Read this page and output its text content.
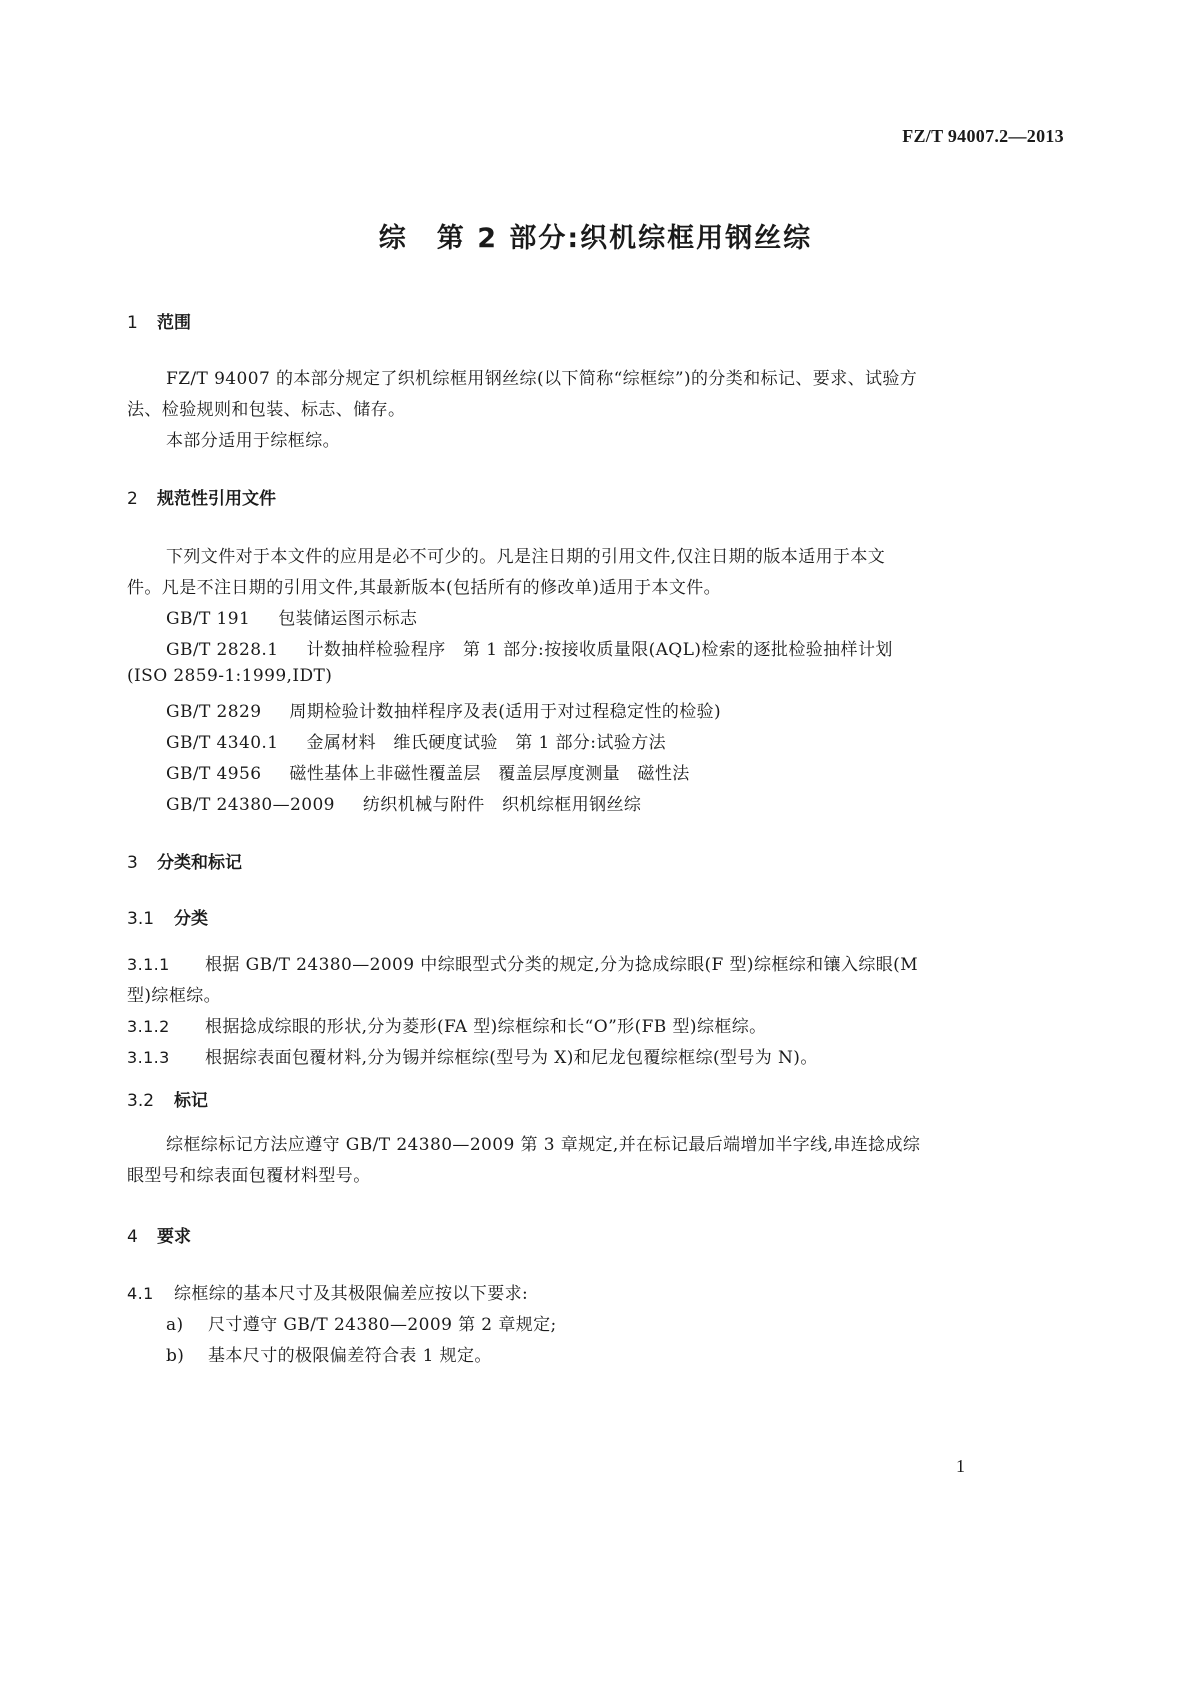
FZ/T 94007.2—2013
综　第 2 部分:织机综框用钢丝综
1 范围
FZ/T 94007 的本部分规定了织机综框用钢丝综(以下简称“综框综”)的分类和标记、要求、试验方
法、检验规则和包装、标志、储存。
本部分适用于综框综。
2 规范性引用文件
下列文件对于本文件的应用是必不可少的。凡是注日期的引用文件,仅注日期的版本适用于本文
件。凡是不注日期的引用文件,其最新版本(包括所有的修改单)适用于本文件。
GB/T 191 包装储运图示标志
GB/T 2828.1 计数抽样检验程序　第 1 部分:按接收质量限(AQL)检索的逐批检验抽样计划
(ISO 2859-1:1999,IDT)
GB/T 2829 周期检验计数抽样程序及表(适用于对过程稳定性的检验)
GB/T 4340.1 金属材料　维氏硬度试验　第 1 部分:试验方法
GB/T 4956 磁性基体上非磁性覆盖层　覆盖层厚度测量　磁性法
GB/T 24380—2009 纺织机械与附件　织机综框用钢丝综
3 分类和标记
3.1 分类
3.1.1 根据 GB/T 24380—2009 中综眼型式分类的规定,分为捻成综眼(F 型)综框综和镶入综眼(M
型)综框综。
3.1.2 根据捻成综眼的形状,分为菱形(FA 型)综框综和长“O”形(FB 型)综框综。
3.1.3 根据综表面包覆材料,分为锡并综框综(型号为 X)和尼龙包覆综框综(型号为 N)。
3.2 标记
综框综标记方法应遵守 GB/T 24380—2009 第 3 章规定,并在标记最后端增加半字线,串连捻成综
眼型号和综表面包覆材料型号。
4 要求
4.1 综框综的基本尺寸及其极限偏差应按以下要求:
a) 尺寸遵守 GB/T 24380—2009 第 2 章规定;
b) 基本尺寸的极限偏差符合表 1 规定。
1
